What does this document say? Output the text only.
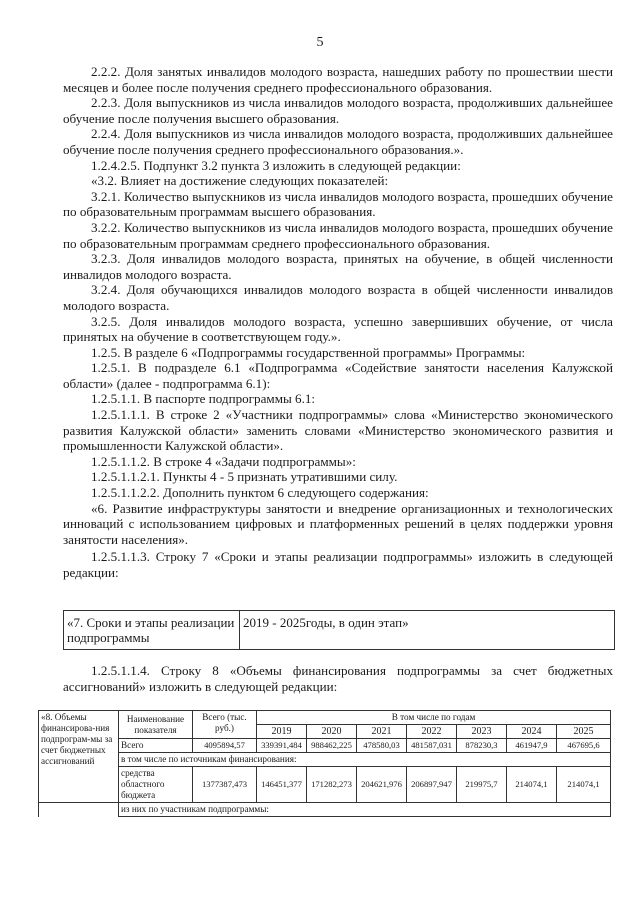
5

2.2.2. Доля занятых инвалидов молодого возраста, нашедших работу по прошествии шести месяцев и более после получения среднего профессионального образования.

2.2.3. Доля выпускников из числа инвалидов молодого возраста, продолживших дальнейшее обучение после получения высшего образования.

2.2.4. Доля выпускников из числа инвалидов молодого возраста, продолживших дальнейшее обучение после получения среднего профессионального образования.».

1.2.4.2.5. Подпункт 3.2 пункта 3 изложить в следующей редакции:

«3.2. Влияет на достижение следующих показателей:

3.2.1. Количество выпускников из числа инвалидов молодого возраста, прошедших обучение по образовательным программам высшего образования.

3.2.2. Количество выпускников из числа инвалидов молодого возраста, прошедших обучение по образовательным программам среднего профессионального образования.

3.2.3. Доля инвалидов молодого возраста, принятых на обучение, в общей численности инвалидов молодого возраста.

3.2.4. Доля обучающихся инвалидов молодого возраста в общей численности инвалидов молодого возраста.

3.2.5. Доля инвалидов молодого возраста, успешно завершивших обучение, от числа принятых на обучение в соответствующем году.».

1.2.5. В разделе 6 «Подпрограммы государственной программы» Программы:

1.2.5.1. В подразделе 6.1 «Подпрограмма «Содействие занятости населения Калужской области» (далее - подпрограмма 6.1):

1.2.5.1.1. В паспорте подпрограммы 6.1:

1.2.5.1.1.1. В строке 2 «Участники подпрограммы» слова «Министерство экономического развития Калужской области» заменить словами «Министерство экономического развития и промышленности Калужской области».

1.2.5.1.1.2. В строке 4 «Задачи подпрограммы»:

1.2.5.1.1.2.1. Пункты 4 - 5 признать утратившими силу.

1.2.5.1.1.2.2. Дополнить пунктом 6 следующего содержания:

«6. Развитие инфраструктуры занятости и внедрение организационных и технологических инноваций с использованием цифровых и платформенных решений в целях поддержки уровня занятости населения».

1.2.5.1.1.3. Строку 7 «Сроки и этапы реализации подпрограммы» изложить в следующей редакции:

«7. Сроки и этапы реализации подпрограммы	2019 - 2025годы, в один этап»

1.2.5.1.1.4. Строку 8 «Объемы финансирования подпрограммы за счет бюджетных ассигнований» изложить в следующей редакции:

«8. Объемы финансирова-ния подпрограм-мы за счет бюджетных ассигнований	Наименование показателя	Всего (тыс. руб.)	В том числе по годам						
			2019	2020	2021	2022	2023	2024	2025
	Всего	4095894,57	339391,484	988462,225	478580,03	481587,031	878230,3	461947,9	467695,6
	в том числе по источникам финансирования:								
	средства областного бюджета	1377387,473	146451,377	171282,273	204621,976	206897,947	219975,7	214074,1	214074,1
	из них по участникам подпрограммы:								
